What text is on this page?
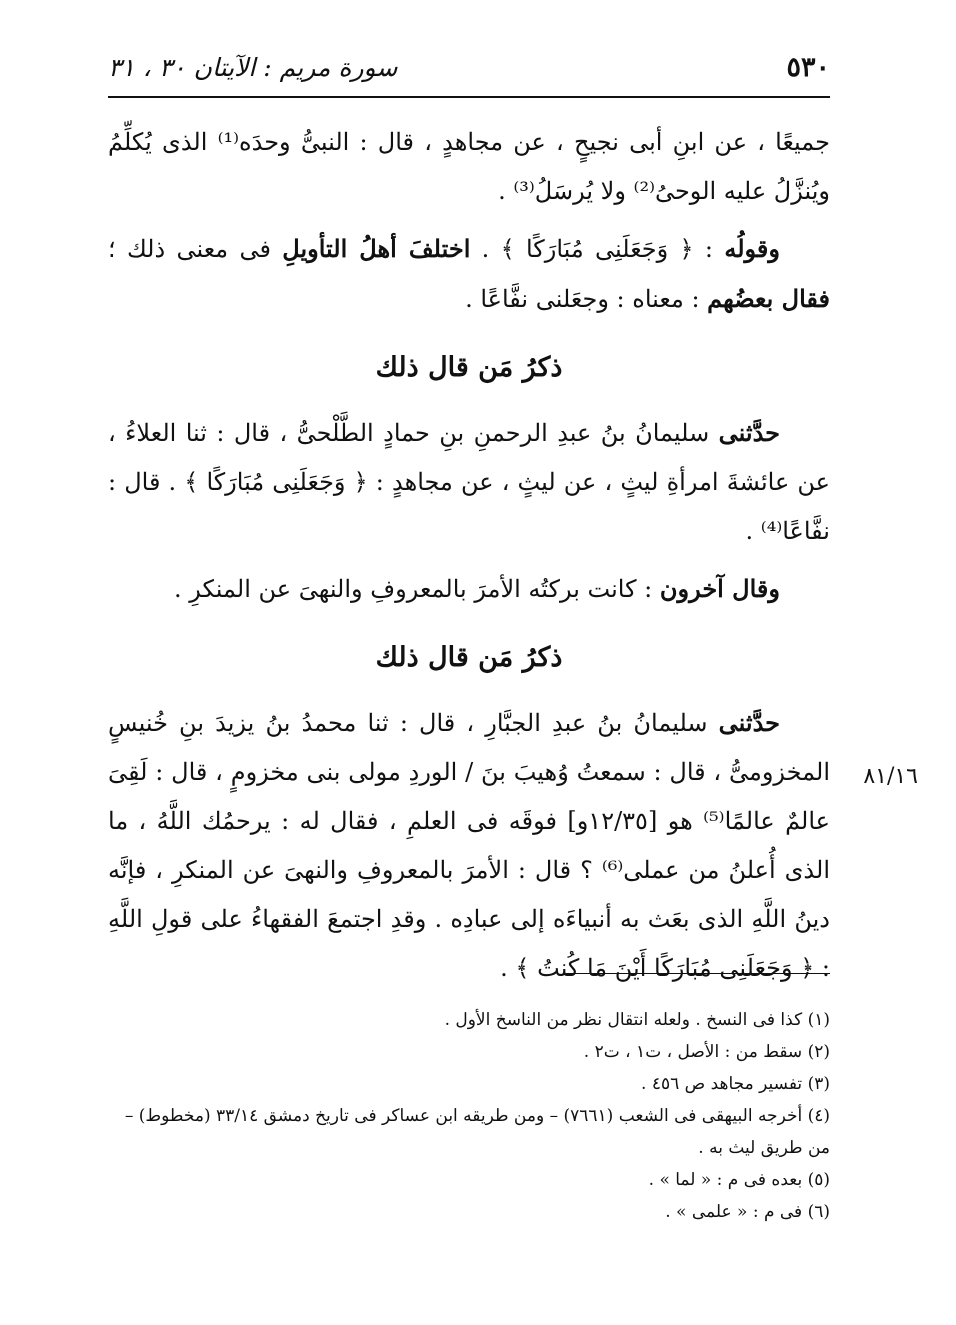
٥٣٠
سورة مريم : الآيتان ٣٠ ، ٣١
٨١/١٦

جميعًا ، عن ابنِ أبى نجيحٍ ، عن مجاهدٍ ، قال : النبىُّ وحدَه⁽¹⁾ الذى يُكلِّمُ ويُنزَّلُ عليه الوحىُ⁽²⁾ ولا يُرسَلُ⁽³⁾ .

وقولُه : ﴿ وَجَعَلَنِى مُبَارَكًا ﴾ . اختلفَ أهلُ التأويلِ فى معنى ذلك ؛ فقال بعضُهم : معناه : وجعَلنى نفَّاعًا .

ذكرُ مَن قال ذلك

حدَّثنى سليمانُ بنُ عبدِ الرحمنِ بنِ حمادٍ الطَّلْحىُّ ، قال : ثنا العلاءُ ، عن عائشةَ امرأةِ ليثٍ ، عن ليثٍ ، عن مجاهدٍ : ﴿ وَجَعَلَنِى مُبَارَكًا ﴾ . قال : نفَّاعًا⁽⁴⁾ .

وقال آخرون : كانت بركتُه الأمرَ بالمعروفِ والنهىَ عن المنكرِ .

ذكرُ مَن قال ذلك

حدَّثنى سليمانُ بنُ عبدِ الجبَّارِ ، قال : ثنا محمدُ بنُ يزيدَ بنِ خُنيسٍ المخزومىُّ ، قال : سمعتُ وُهيبَ بنَ / الوردِ مولى بنى مخزومٍ ، قال : لَقِىَ عالمٌ عالمًا⁽⁵⁾ هو [١٢/٣٥و] فوقَه فى العلمِ ، فقال له : يرحمُك اللَّهُ ، ما الذى أُعلنُ من عملى⁽⁶⁾ ؟ قال : الأمرَ بالمعروفِ والنهىَ عن المنكرِ ، فإنَّه دينُ اللَّهِ الذى بعَث به أنبياءَه إلى عبادِه . وقدِ اجتمعَ الفقهاءُ على قولِ اللَّهِ : ﴿ وَجَعَلَنِى مُبَارَكًا أَيْنَ مَا كُنتُ ﴾ .

(١) كذا فى النسخ . ولعله انتقال نظر من الناسخ الأول .
(٢) سقط من : الأصل ، ت١ ، ت٢ .
(٣) تفسير مجاهد ص ٤٥٦ .
(٤) أخرجه البيهقى فى الشعب (٧٦٦١) – ومن طريقه ابن عساكر فى تاريخ دمشق ٣٣/١٤ (مخطوط) – من طريق ليث به .
(٥) بعده فى م : « لما » .
(٦) فى م : « علمى » .
